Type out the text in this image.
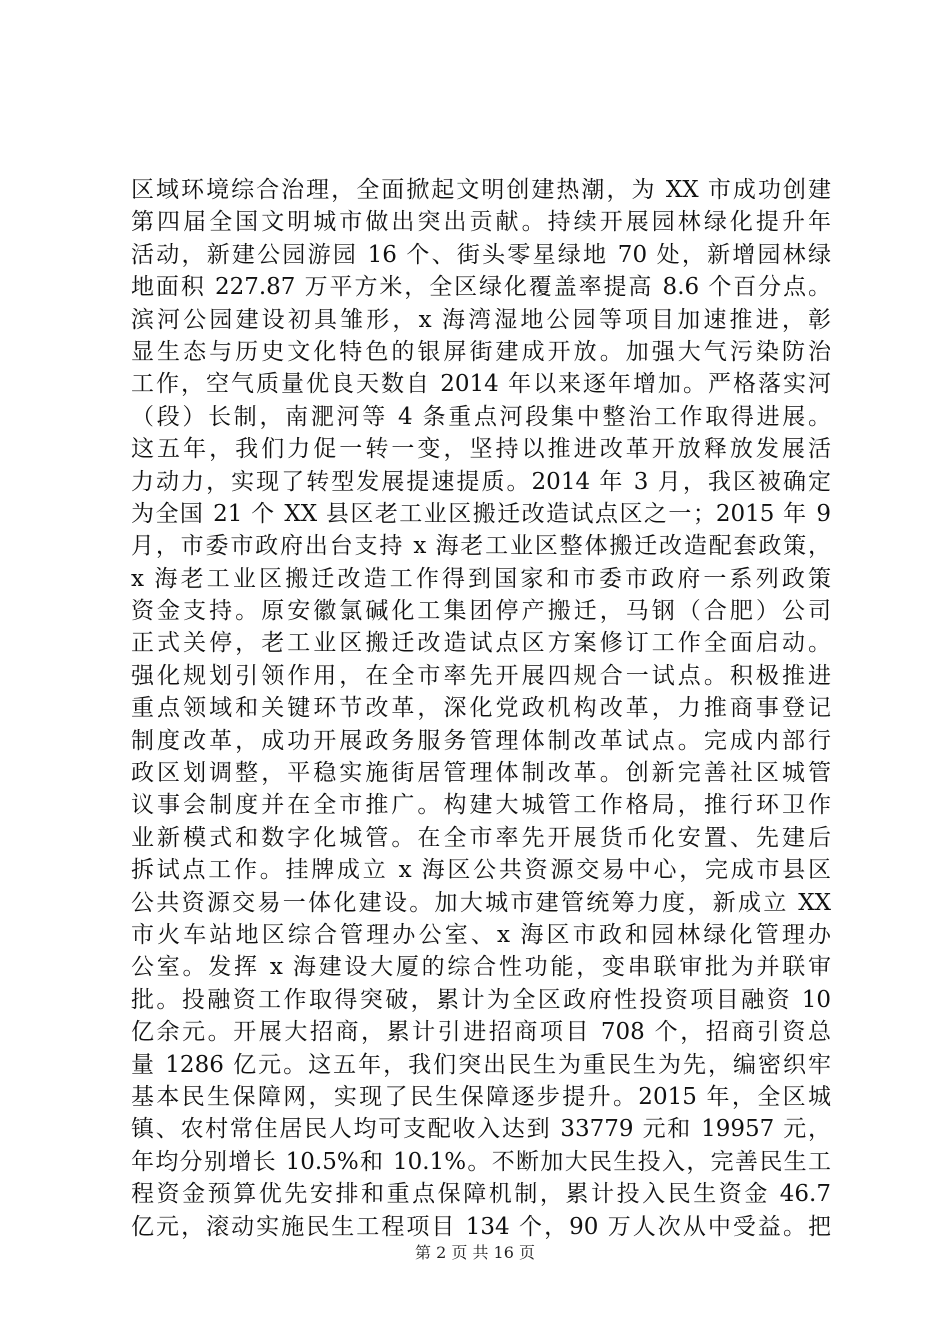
区域环境综合治理，全面掀起文明创建热潮，为 XX 市成功创建
第四届全国文明城市做出突出贡献。持续开展园林绿化提升年
活动，新建公园游园 16 个、街头零星绿地 70 处，新增园林绿
地面积 227.87 万平方米，全区绿化覆盖率提高 8.6 个百分点。
滨河公园建设初具雏形，x 海湾湿地公园等项目加速推进，彰
显生态与历史文化特色的银屏街建成开放。加强大气污染防治
工作，空气质量优良天数自 2014 年以来逐年增加。严格落实河
（段）长制，南淝河等 4 条重点河段集中整治工作取得进展。
这五年，我们力促一转一变，坚持以推进改革开放释放发展活
力动力，实现了转型发展提速提质。2014 年 3 月，我区被确定
为全国 21 个 XX 县区老工业区搬迁改造试点区之一；2015 年 9
月，市委市政府出台支持 x 海老工业区整体搬迁改造配套政策，
x 海老工业区搬迁改造工作得到国家和市委市政府一系列政策
资金支持。原安徽氯碱化工集团停产搬迁，马钢（合肥）公司
正式关停，老工业区搬迁改造试点区方案修订工作全面启动。
强化规划引领作用，在全市率先开展四规合一试点。积极推进
重点领域和关键环节改革，深化党政机构改革，力推商事登记
制度改革，成功开展政务服务管理体制改革试点。完成内部行
政区划调整，平稳实施街居管理体制改革。创新完善社区城管
议事会制度并在全市推广。构建大城管工作格局，推行环卫作
业新模式和数字化城管。在全市率先开展货币化安置、先建后
拆试点工作。挂牌成立 x 海区公共资源交易中心，完成市县区
公共资源交易一体化建设。加大城市建管统筹力度，新成立 XX
市火车站地区综合管理办公室、x 海区市政和园林绿化管理办
公室。发挥 x 海建设大厦的综合性功能，变串联审批为并联审
批。投融资工作取得突破，累计为全区政府性投资项目融资 10
亿余元。开展大招商，累计引进招商项目 708 个，招商引资总
量 1286 亿元。这五年，我们突出民生为重民生为先，编密织牢
基本民生保障网，实现了民生保障逐步提升。2015 年，全区城
镇、农村常住居民人均可支配收入达到 33779 元和 19957 元，
年均分别增长 10.5%和 10.1%。不断加大民生投入，完善民生工
程资金预算优先安排和重点保障机制，累计投入民生资金 46.7
亿元，滚动实施民生工程项目 134 个，90 万人次从中受益。把
第 2 页 共 16 页
